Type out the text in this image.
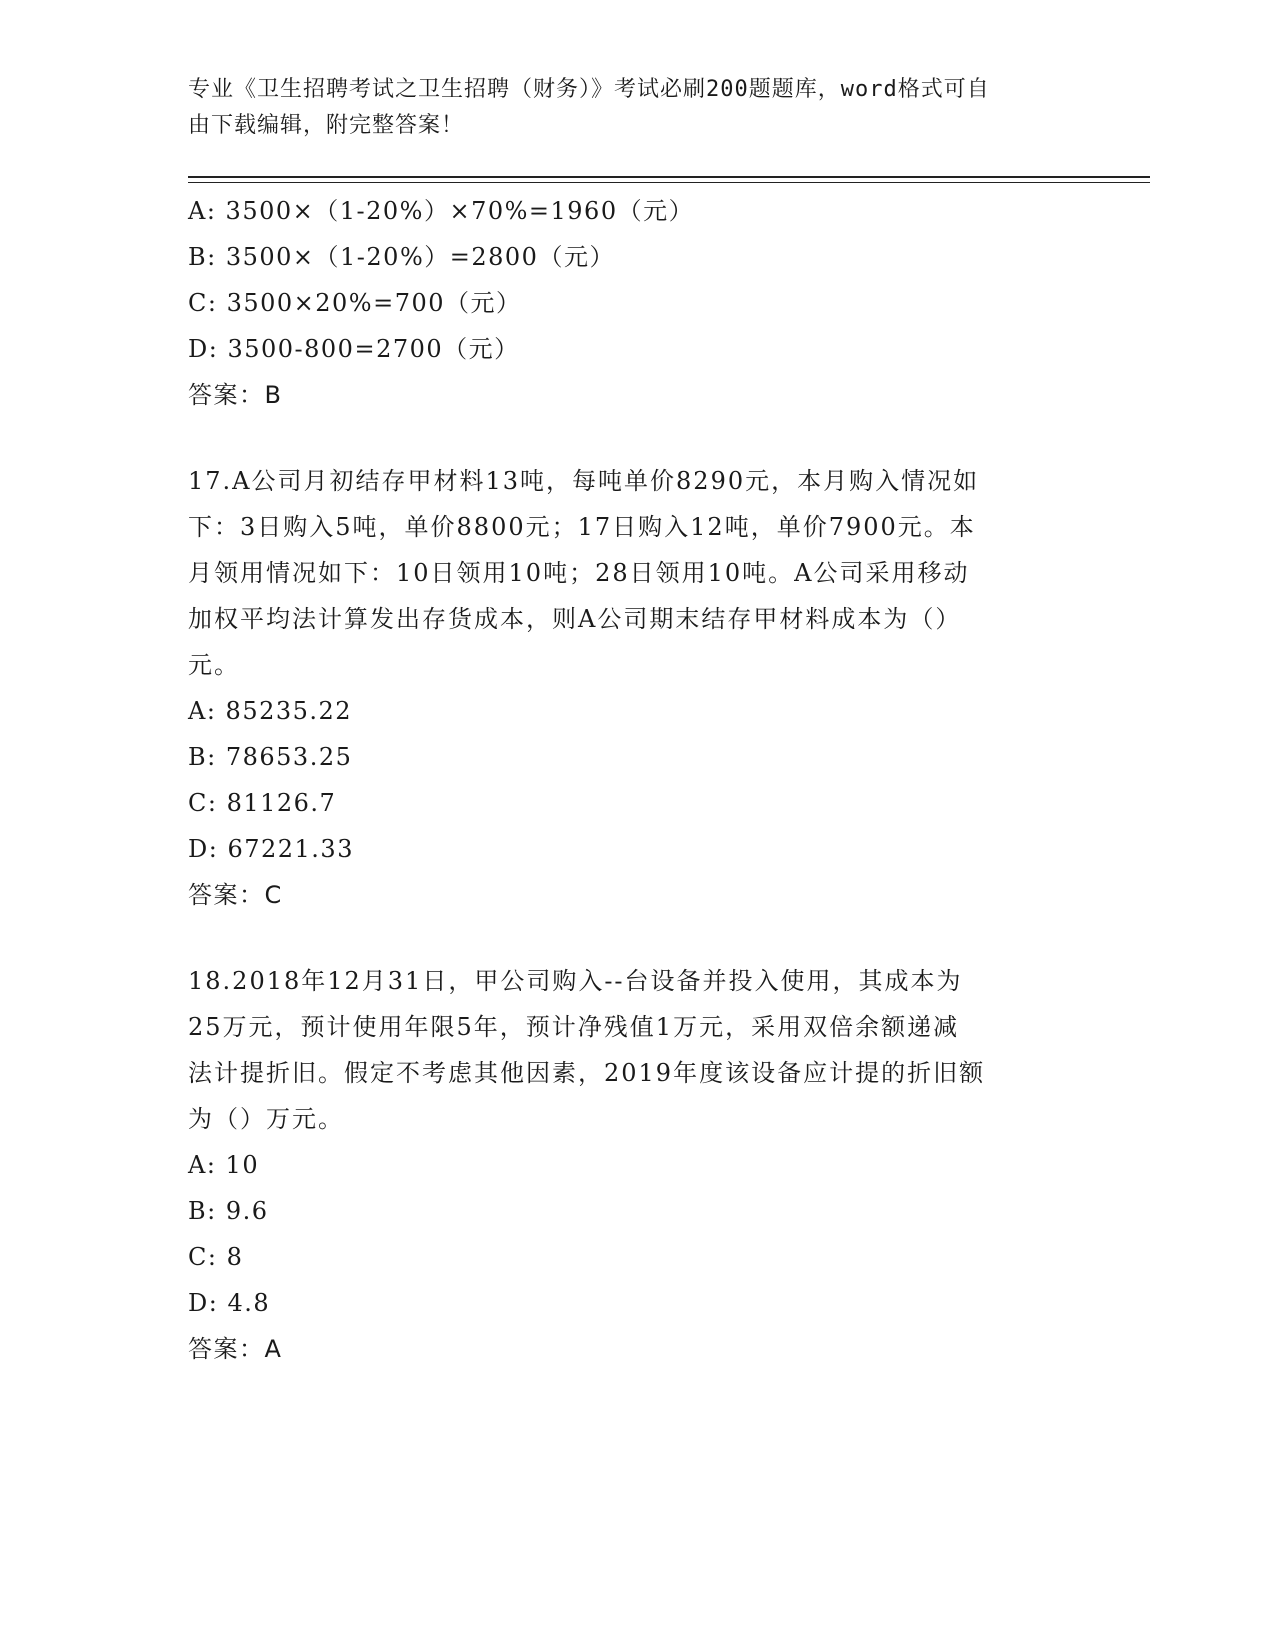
专业《卫生招聘考试之卫生招聘（财务）》考试必刷200题题库，word格式可自
由下载编辑，附完整答案！
A: 3500×（1-20%）×70%=1960（元）
B: 3500×（1-20%）=2800（元）
C: 3500×20%=700（元）
D: 3500-800=2700（元）
答案：B
17.A公司月初结存甲材料13吨，每吨单价8290元，本月购入情况如
下：3日购入5吨，单价8800元；17日购入12吨，单价7900元。本
月领用情况如下：10日领用10吨；28日领用10吨。A公司采用移动
加权平均法计算发出存货成本，则A公司期末结存甲材料成本为（）
元。
A: 85235.22
B: 78653.25
C: 81126.7
D: 67221.33
答案：C
18.2018年12月31日，甲公司购入--台设备并投入使用，其成本为
25万元，预计使用年限5年，预计净残值1万元，采用双倍余额递减
法计提折旧。假定不考虑其他因素，2019年度该设备应计提的折旧额
为（）万元。
A: 10
B: 9.6
C: 8
D: 4.8
答案：A
